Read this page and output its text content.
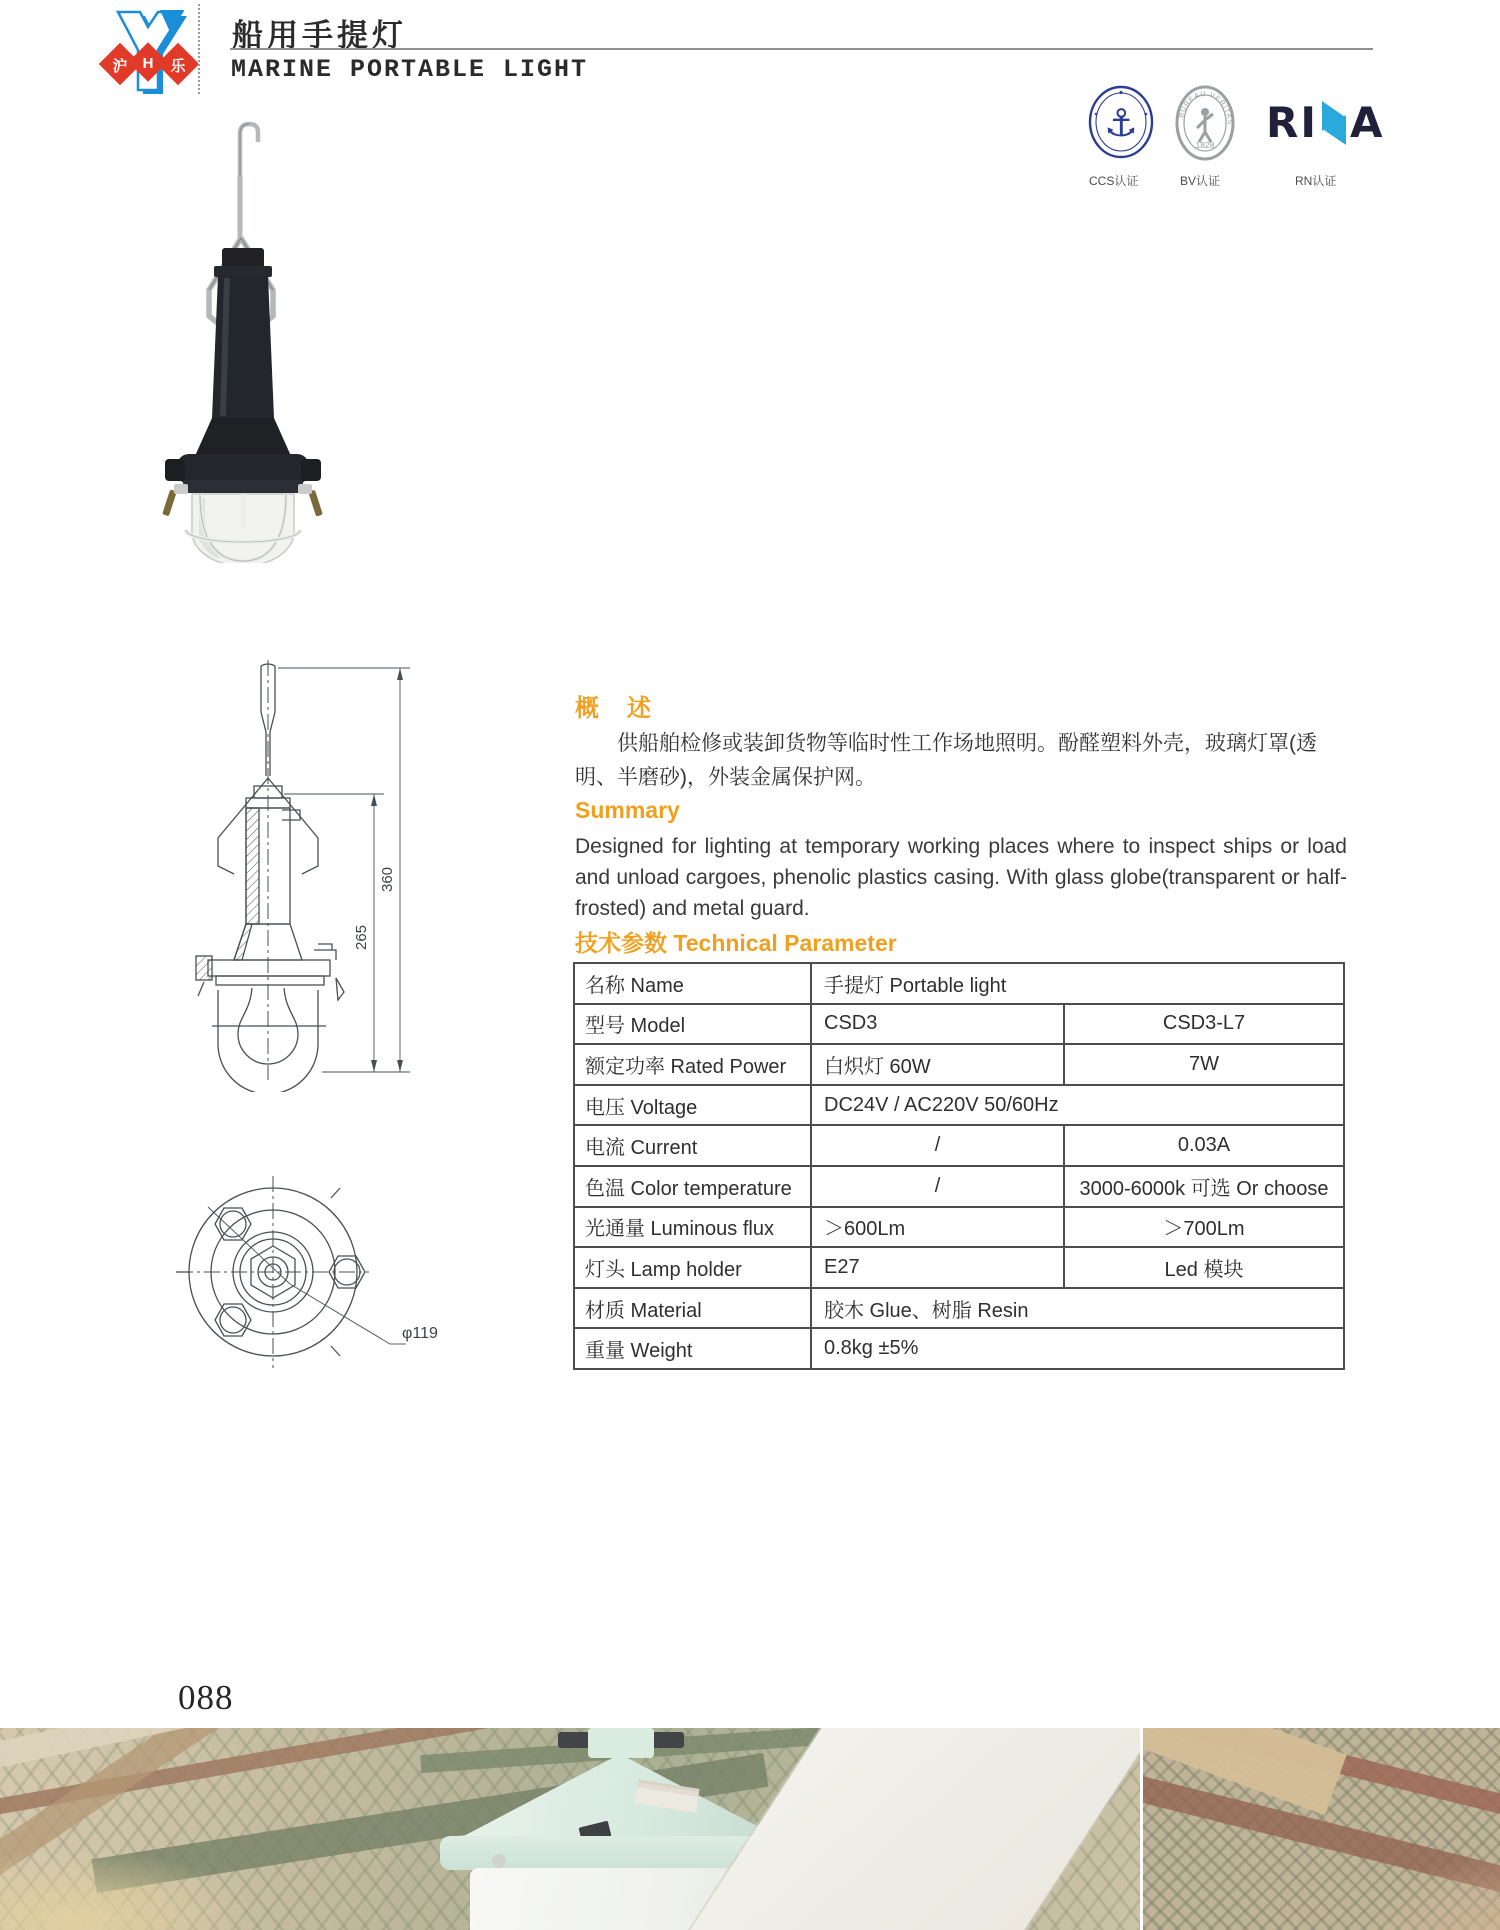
沪 H 乐
船用手提灯
MARINE PORTABLE LIGHT
⚓
CCS认证
BUREAU VERITAS
1828
BV认证
RI A
RN认证
360
265
φ119
概　述
供船舶检修或装卸货物等临时性工作场地照明。酚醛塑料外壳，玻璃灯罩(透明、半磨砂)，外装金属保护网。
Summary
Designed for lighting at temporary working places where to inspect ships or load and unload cargoes, phenolic plastics casing. With glass globe(transparent or half-frosted) and metal guard.
技术参数 Technical Parameter
名称 Name	手提灯 Portable light	
型号 Model	CSD3	CSD3-L7
额定功率 Rated Power	白炽灯 60W	7W
电压 Voltage	DC24V / AC220V 50/60Hz	
电流 Current	/	0.03A
色温 Color temperature	/	3000-6000k 可选 Or choose
光通量 Luminous flux	＞600Lm	＞700Lm
灯头 Lamp holder	E27	Led 模块
材质 Material	胶木 Glue、树脂 Resin	
重量 Weight	0.8kg ±5%	
088
